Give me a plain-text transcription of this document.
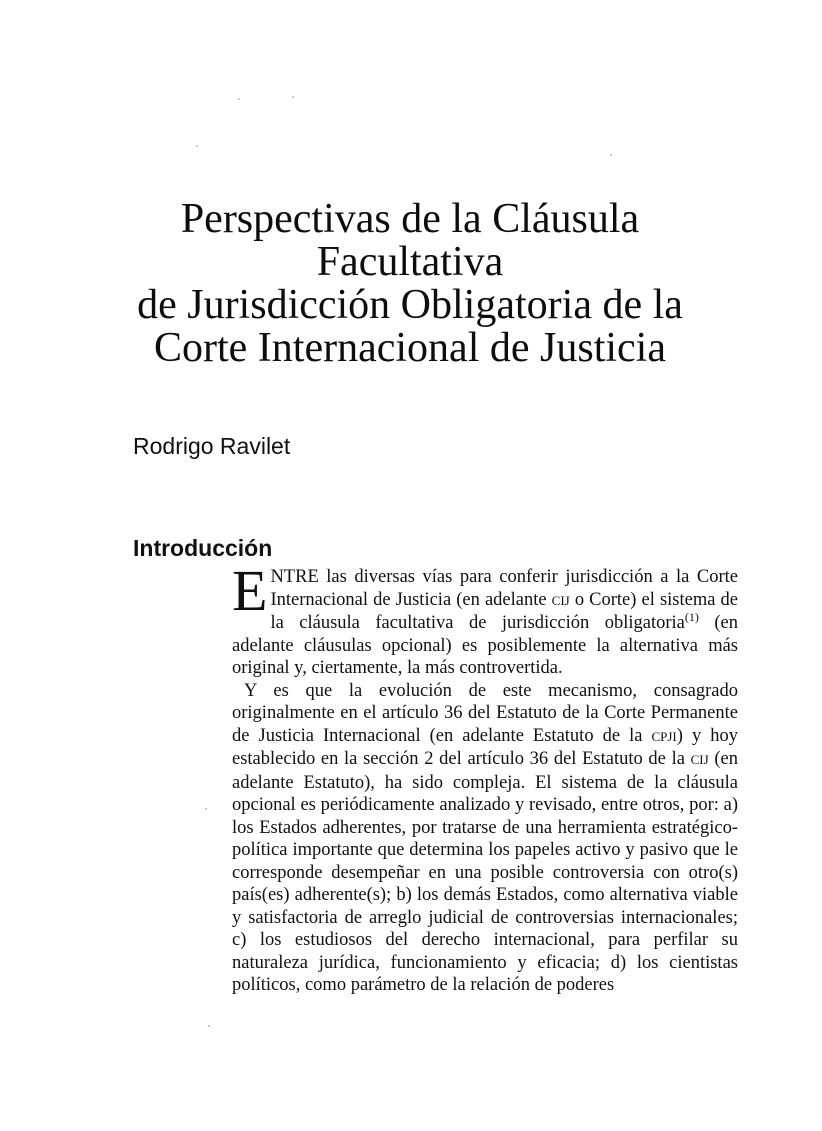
Perspectivas de la Cláusula
Facultativa
de Jurisdicción Obligatoria de la
Corte Internacional de Justicia

Rodrigo Ravilet

Introducción

ENTRE las diversas vías para conferir jurisdicción a la Corte Internacional de Justicia (en adelante CIJ o Corte) el sistema de la cláusula facultativa de jurisdicción obligatoria$^{(1)}$ (en adelante cláusulas opcional) es posiblemente la alternativa más original y, ciertamente, la más controvertida.

Y es que la evolución de este mecanismo, consagrado originalmente en el artículo 36 del Estatuto de la Corte Permanente de Justicia Internacional (en adelante Estatuto de la CPJI) y hoy establecido en la sección 2 del artículo 36 del Estatuto de la CIJ (en adelante Estatuto), ha sido compleja. El sistema de la cláusula opcional es periódicamente analizado y revisado, entre otros, por: a) los Estados adherentes, por tratarse de una herramienta estratégico-política importante que determina los papeles activo y pasivo que le corresponde desempeñar en una posible controversia con otro(s) país(es) adherente(s); b) los demás Estados, como alternativa viable y satisfactoria de arreglo judicial de controversias internacionales; c) los estudiosos del derecho internacional, para perfilar su naturaleza jurídica, funcionamiento y eficacia; d) los cientistas políticos, como parámetro de la relación de poderes
